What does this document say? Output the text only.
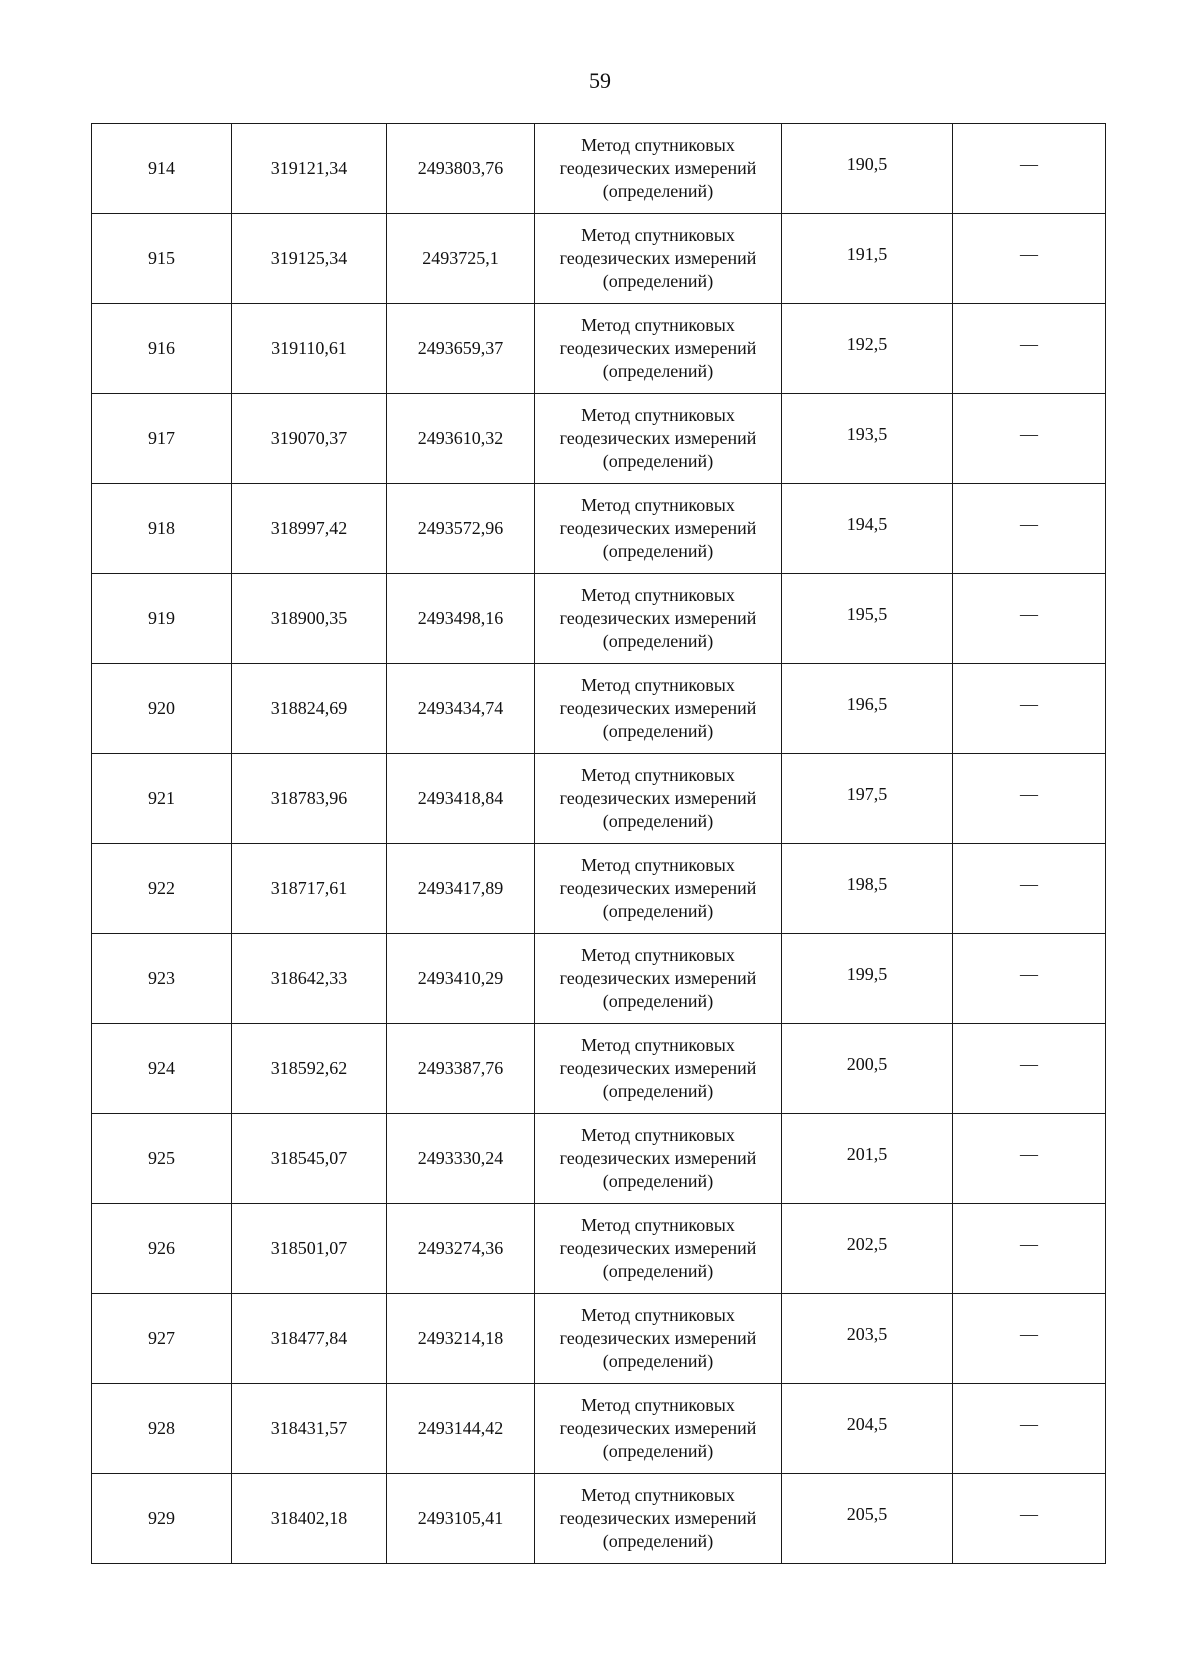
59
914	319121,34	2493803,76	Метод спутниковых
геодезических измерений
(определений)	190,5	—
915	319125,34	2493725,1	Метод спутниковых
геодезических измерений
(определений)	191,5	—
916	319110,61	2493659,37	Метод спутниковых
геодезических измерений
(определений)	192,5	—
917	319070,37	2493610,32	Метод спутниковых
геодезических измерений
(определений)	193,5	—
918	318997,42	2493572,96	Метод спутниковых
геодезических измерений
(определений)	194,5	—
919	318900,35	2493498,16	Метод спутниковых
геодезических измерений
(определений)	195,5	—
920	318824,69	2493434,74	Метод спутниковых
геодезических измерений
(определений)	196,5	—
921	318783,96	2493418,84	Метод спутниковых
геодезических измерений
(определений)	197,5	—
922	318717,61	2493417,89	Метод спутниковых
геодезических измерений
(определений)	198,5	—
923	318642,33	2493410,29	Метод спутниковых
геодезических измерений
(определений)	199,5	—
924	318592,62	2493387,76	Метод спутниковых
геодезических измерений
(определений)	200,5	—
925	318545,07	2493330,24	Метод спутниковых
геодезических измерений
(определений)	201,5	—
926	318501,07	2493274,36	Метод спутниковых
геодезических измерений
(определений)	202,5	—
927	318477,84	2493214,18	Метод спутниковых
геодезических измерений
(определений)	203,5	—
928	318431,57	2493144,42	Метод спутниковых
геодезических измерений
(определений)	204,5	—
929	318402,18	2493105,41	Метод спутниковых
геодезических измерений
(определений)	205,5	—
